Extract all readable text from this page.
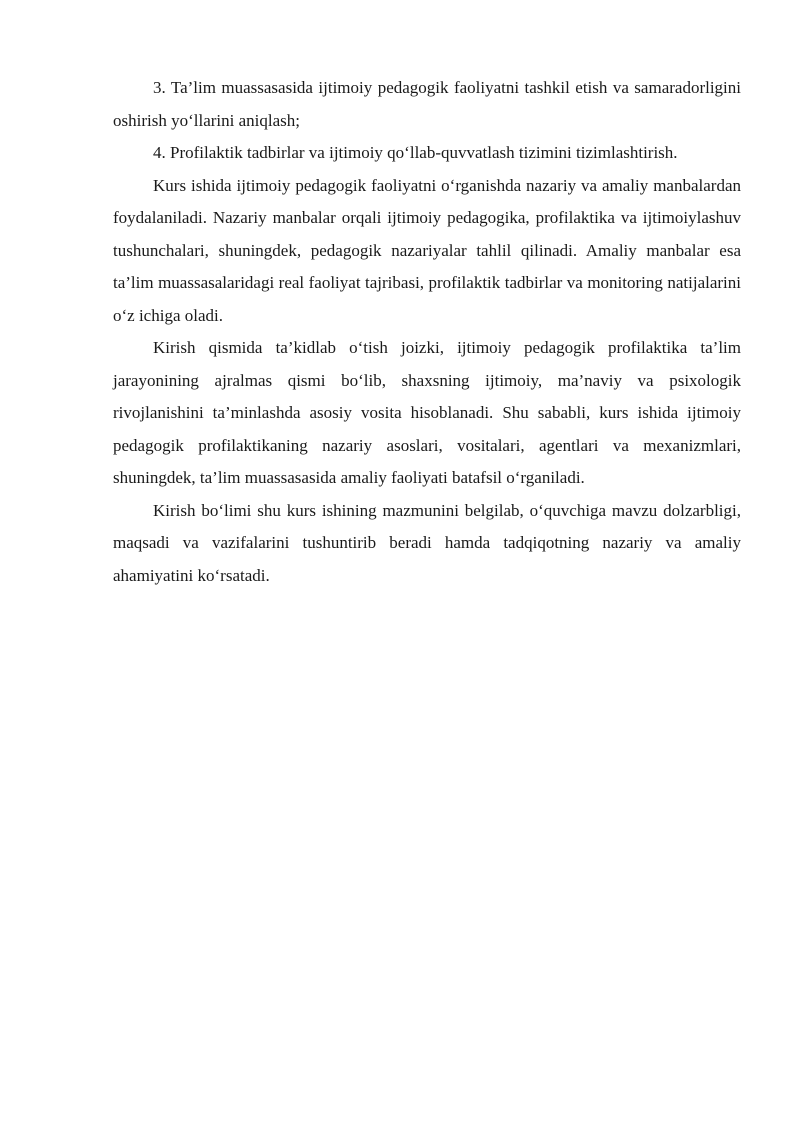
3. Ta’lim muassasasida ijtimoiy pedagogik faoliyatni tashkil etish va samaradorligini oshirish yo‘llarini aniqlash;

4. Profilaktik tadbirlar va ijtimoiy qo‘llab-quvvatlash tizimini tizimlashtirish.

Kurs ishida ijtimoiy pedagogik faoliyatni o‘rganishda nazariy va amaliy manbalardan foydalaniladi. Nazariy manbalar orqali ijtimoiy pedagogika, profilaktika va ijtimoiylashuv tushunchalari, shuningdek, pedagogik nazariyalar tahlil qilinadi. Amaliy manbalar esa ta’lim muassasalaridagi real faoliyat tajribasi, profilaktik tadbirlar va monitoring natijalarini o‘z ichiga oladi.

Kirish qismida ta’kidlab o‘tish joizki, ijtimoiy pedagogik profilaktika ta’lim jarayonining ajralmas qismi bo‘lib, shaxsning ijtimoiy, ma’naviy va psixologik rivojlanishini ta’minlashda asosiy vosita hisoblanadi. Shu sababli, kurs ishida ijtimoiy pedagogik profilaktikaning nazariy asoslari, vositalari, agentlari va mexanizmlari, shuningdek, ta’lim muassasasida amaliy faoliyati batafsil o‘rganiladi.

Kirish bo‘limi shu kurs ishining mazmunini belgilab, o‘quvchiga mavzu dolzarbligi, maqsadi va vazifalarini tushuntirib beradi hamda tadqiqotning nazariy va amaliy ahamiyatini ko‘rsatadi.
